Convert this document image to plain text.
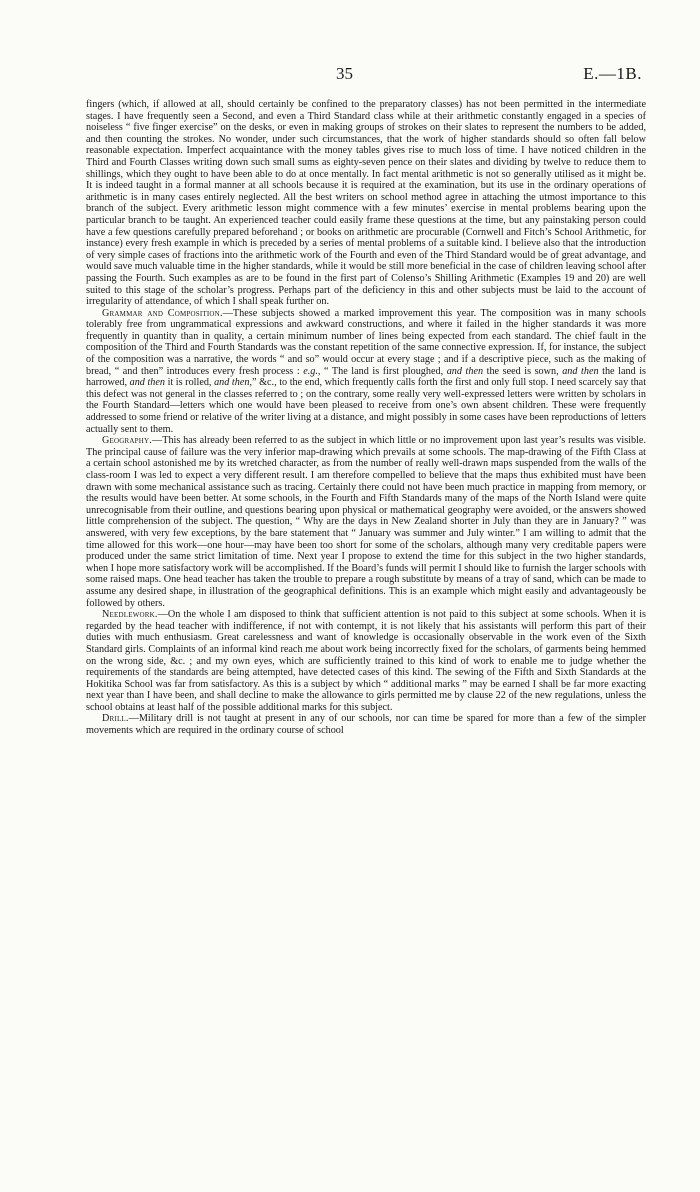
35	E.—1B.

fingers (which, if allowed at all, should certainly be confined to the preparatory classes) has not been permitted in the intermediate stages. I have frequently seen a Second, and even a Third Standard class while at their arithmetic constantly engaged in a species of noiseless “ five finger exercise” on the desks, or even in making groups of strokes on their slates to represent the numbers to be added, and then counting the strokes. No wonder, under such circumstances, that the work of higher standards should so often fall below reasonable expectation. Imperfect acquaintance with the money tables gives rise to much loss of time. I have noticed children in the Third and Fourth Classes writing down such small sums as eighty-seven pence on their slates and dividing by twelve to reduce them to shillings, which they ought to have been able to do at once mentally. In fact mental arithmetic is not so generally utilised as it might be. It is indeed taught in a formal manner at all schools because it is required at the examination, but its use in the ordinary operations of arithmetic is in many cases entirely neglected. All the best writers on school method agree in attaching the utmost importance to this branch of the subject. Every arithmetic lesson might commence with a few minutes’ exercise in mental problems bearing upon the particular branch to be taught. An experienced teacher could easily frame these questions at the time, but any painstaking person could have a few questions carefully prepared beforehand ; or books on arithmetic are procurable (Cornwell and Fitch’s School Arithmetic, for instance) every fresh example in which is preceded by a series of mental problems of a suitable kind. I believe also that the introduction of very simple cases of fractions into the arithmetic work of the Fourth and even of the Third Standard would be of great advantage, and would save much valuable time in the higher standards, while it would be still more beneficial in the case of children leaving school after passing the Fourth. Such examples as are to be found in the first part of Colenso’s Shilling Arithmetic (Examples 19 and 20) are well suited to this stage of the scholar’s progress. Perhaps part of the deficiency in this and other subjects must be laid to the account of irregularity of attendance, of which I shall speak further on.

Grammar and Composition.—These subjects showed a marked improvement this year. The composition was in many schools tolerably free from ungrammatical expressions and awkward constructions, and where it failed in the higher standards it was more frequently in quantity than in quality, a certain minimum number of lines being expected from each standard. The chief fault in the composition of the Third and Fourth Standards was the constant repetition of the same connective expression. If, for instance, the subject of the composition was a narrative, the words “ and so” would occur at every stage ; and if a descriptive piece, such as the making of bread, “ and then” introduces every fresh process : e.g., “ The land is first ploughed, and then the seed is sown, and then the land is harrowed, and then it is rolled, and then,” &c., to the end, which frequently calls forth the first and only full stop. I need scarcely say that this defect was not general in the classes referred to ; on the contrary, some really very well-expressed letters were written by scholars in the Fourth Standard—letters which one would have been pleased to receive from one’s own absent children. These were frequently addressed to some friend or relative of the writer living at a distance, and might possibly in some cases have been reproductions of letters actually sent to them.

Geography.—This has already been referred to as the subject in which little or no improvement upon last year’s results was visible. The principal cause of failure was the very inferior map-drawing which prevails at some schools. The map-drawing of the Fifth Class at a certain school astonished me by its wretched character, as from the number of really well-drawn maps suspended from the walls of the class-room I was led to expect a very different result. I am therefore compelled to believe that the maps thus exhibited must have been drawn with some mechanical assistance such as tracing. Certainly there could not have been much practice in mapping from memory, or the results would have been better. At some schools, in the Fourth and Fifth Standards many of the maps of the North Island were quite unrecognisable from their outline, and questions bearing upon physical or mathematical geography were avoided, or the answers showed little comprehension of the subject. The question, “ Why are the days in New Zealand shorter in July than they are in January? ” was answered, with very few exceptions, by the bare statement that “ January was summer and July winter.” I am willing to admit that the time allowed for this work—one hour—may have been too short for some of the scholars, although many very creditable papers were produced under the same strict limitation of time. Next year I propose to extend the time for this subject in the two higher standards, when I hope more satisfactory work will be accomplished. If the Board’s funds will permit I should like to furnish the larger schools with some raised maps. One head teacher has taken the trouble to prepare a rough substitute by means of a tray of sand, which can be made to assume any desired shape, in illustration of the geographical definitions. This is an example which might easily and advantageously be followed by others.

Needlework.—On the whole I am disposed to think that sufficient attention is not paid to this subject at some schools. When it is regarded by the head teacher with indifference, if not with contempt, it is not likely that his assistants will perform this part of their duties with much enthusiasm. Great carelessness and want of knowledge is occasionally observable in the work even of the Sixth Standard girls. Complaints of an informal kind reach me about work being incorrectly fixed for the scholars, of garments being hemmed on the wrong side, &c. ; and my own eyes, which are sufficiently trained to this kind of work to enable me to judge whether the requirements of the standards are being attempted, have detected cases of this kind. The sewing of the Fifth and Sixth Standards at the Hokitika School was far from satisfactory. As this is a subject by which “ additional marks ” may be earned I shall be far more exacting next year than I have been, and shall decline to make the allowance to girls permitted me by clause 22 of the new regulations, unless the school obtains at least half of the possible additional marks for this subject.

Drill.—Military drill is not taught at present in any of our schools, nor can time be spared for more than a few of the simpler movements which are required in the ordinary course of school
